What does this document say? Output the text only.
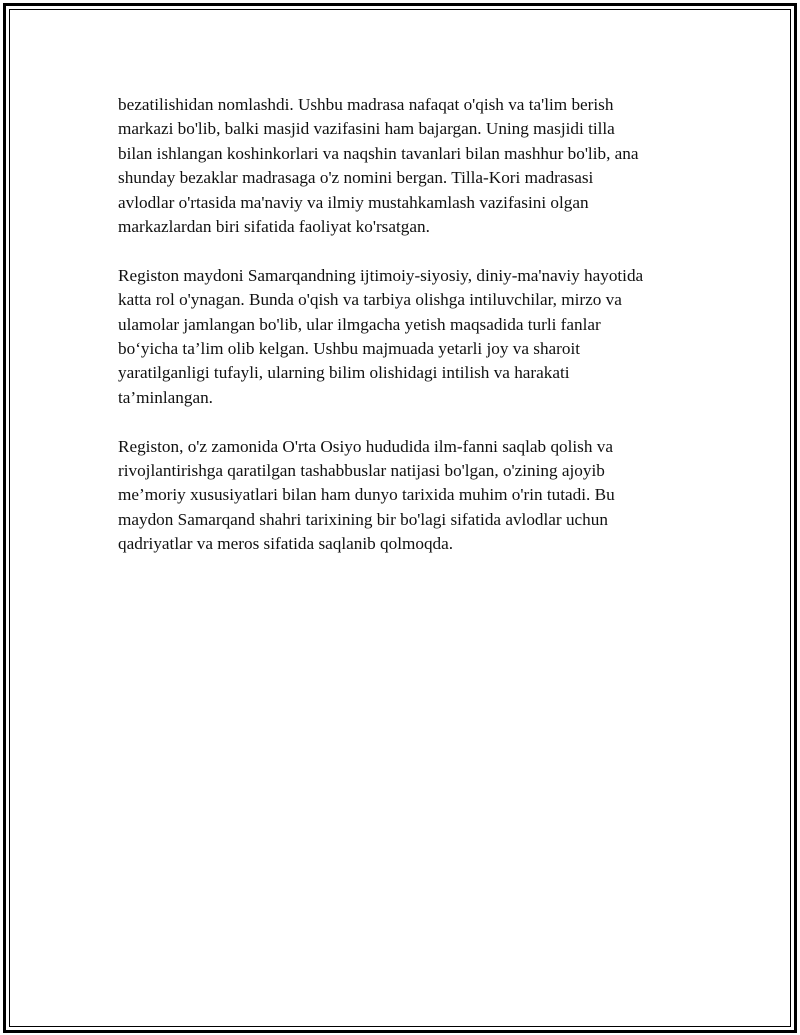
bezatilishidan nomlashdi. Ushbu madrasa nafaqat o'qish va ta'lim berish
markazi bo'lib, balki masjid vazifasini ham bajargan. Uning masjidi tilla
bilan ishlangan koshinkorlari va naqshin tavanlari bilan mashhur bo'lib, ana
shunday bezaklar madrasaga o'z nomini bergan. Tilla-Kori madrasasi
avlodlar o'rtasida ma'naviy va ilmiy mustahkamlash vazifasini olgan
markazlardan biri sifatida faoliyat ko'rsatgan.

Registon maydoni Samarqandning ijtimoiy-siyosiy, diniy-ma'naviy hayotida
katta rol o'ynagan. Bunda o'qish va tarbiya olishga intiluvchilar, mirzo va
ulamolar jamlangan bo'lib, ular ilmgacha yetish maqsadida turli fanlar
bo‘yicha ta’lim olib kelgan. Ushbu majmuada yetarli joy va sharoit
yaratilganligi tufayli, ularning bilim olishidagi intilish va harakati
ta’minlangan.

Registon, o'z zamonida O'rta Osiyo hududida ilm-fanni saqlab qolish va
rivojlantirishga qaratilgan tashabbuslar natijasi bo'lgan, o'zining ajoyib
me’moriy xususiyatlari bilan ham dunyo tarixida muhim o'rin tutadi. Bu
maydon Samarqand shahri tarixining bir bo'lagi sifatida avlodlar uchun
qadriyatlar va meros sifatida saqlanib qolmoqda.
